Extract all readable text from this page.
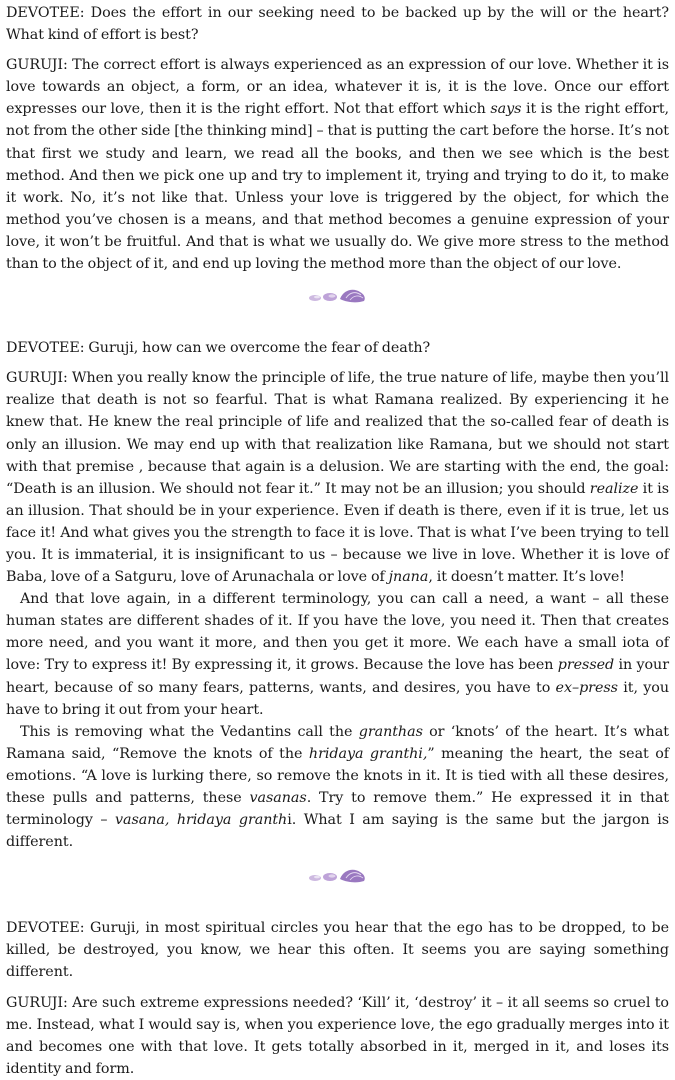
DEVOTEE: Does the effort in our seeking need to be backed up by the will or the heart? What kind of effort is best?

GURUJI: The correct effort is always experienced as an expression of our love. Whether it is love towards an object, a form, or an idea, whatever it is, it is the love. Once our effort expresses our love, then it is the right effort. Not that effort which says it is the right effort, not from the other side [the thinking mind] – that is putting the cart before the horse. It’s not that first we study and learn, we read all the books, and then we see which is the best method. And then we pick one up and try to implement it, trying and trying to do it, to make it work. No, it’s not like that. Unless your love is triggered by the object, for which the method you’ve chosen is a means, and that method becomes a genuine expression of your love, it won’t be fruitful. And that is what we usually do. We give more stress to the method than to the object of it, and end up loving the method more than the object of our love.

DEVOTEE: Guruji, how can we overcome the fear of death?

GURUJI: When you really know the principle of life, the true nature of life, maybe then you’ll realize that death is not so fearful. That is what Ramana realized. By experiencing it he knew that. He knew the real principle of life and realized that the so-called fear of death is only an illusion. We may end up with that realization like Ramana, but we should not start with that premise , because that again is a delusion. We are starting with the end, the goal: “Death is an illusion. We should not fear it.” It may not be an illusion; you should realize it is an illusion. That should be in your experience. Even if death is there, even if it is true, let us face it! And what gives you the strength to face it is love. That is what I’ve been trying to tell you. It is immaterial, it is insignificant to us – because we live in love. Whether it is love of Baba, love of a Satguru, love of Arunachala or love of jnana, it doesn’t matter. It’s love!

And that love again, in a different terminology, you can call a need, a want – all these human states are different shades of it. If you have the love, you need it. Then that creates more need, and you want it more, and then you get it more. We each have a small iota of love: Try to express it! By expressing it, it grows. Because the love has been pressed in your heart, because of so many fears, patterns, wants, and desires, you have to ex–press it, you have to bring it out from your heart.

This is removing what the Vedantins call the granthas or ‘knots’ of the heart. It’s what Ramana said, “Remove the knots of the hridaya granthi,” meaning the heart, the seat of emotions. “A love is lurking there, so remove the knots in it. It is tied with all these desires, these pulls and patterns, these vasanas. Try to remove them.” He expressed it in that terminology – vasana, hridaya granthi. What I am saying is the same but the jargon is different.

DEVOTEE: Guruji, in most spiritual circles you hear that the ego has to be dropped, to be killed, be destroyed, you know, we hear this often. It seems you are saying something different.

GURUJI: Are such extreme expressions needed? ‘Kill’ it, ‘destroy’ it – it all seems so cruel to me. Instead, what I would say is, when you experience love, the ego gradually merges into it and becomes one with that love. It gets totally absorbed in it, merged in it, and loses its identity and form.
